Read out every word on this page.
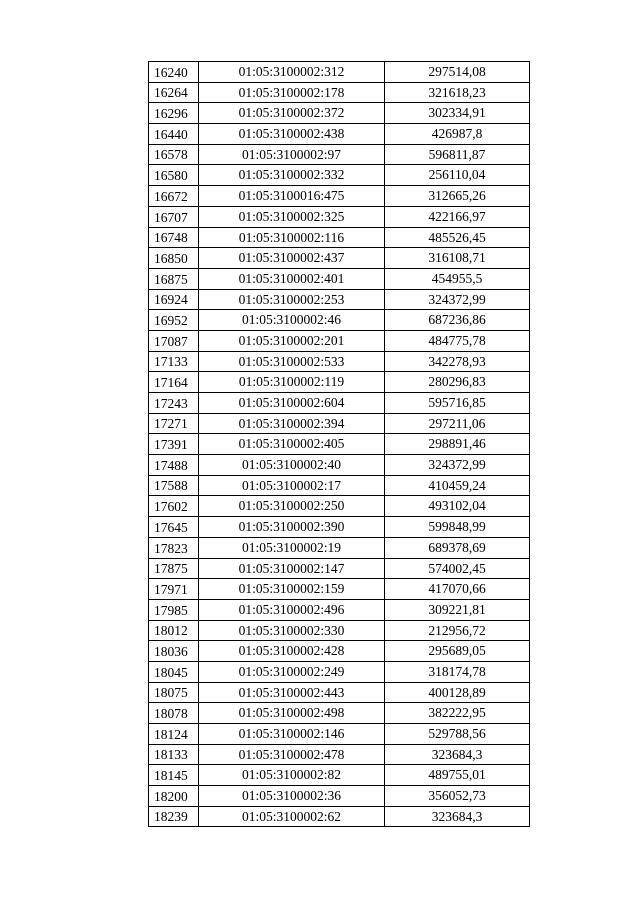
16240	01:05:3100002:312	297514,08
16264	01:05:3100002:178	321618,23
16296	01:05:3100002:372	302334,91
16440	01:05:3100002:438	426987,8
16578	01:05:3100002:97	596811,87
16580	01:05:3100002:332	256110,04
16672	01:05:3100016:475	312665,26
16707	01:05:3100002:325	422166,97
16748	01:05:3100002:116	485526,45
16850	01:05:3100002:437	316108,71
16875	01:05:3100002:401	454955,5
16924	01:05:3100002:253	324372,99
16952	01:05:3100002:46	687236,86
17087	01:05:3100002:201	484775,78
17133	01:05:3100002:533	342278,93
17164	01:05:3100002:119	280296,83
17243	01:05:3100002:604	595716,85
17271	01:05:3100002:394	297211,06
17391	01:05:3100002:405	298891,46
17488	01:05:3100002:40	324372,99
17588	01:05:3100002:17	410459,24
17602	01:05:3100002:250	493102,04
17645	01:05:3100002:390	599848,99
17823	01:05:3100002:19	689378,69
17875	01:05:3100002:147	574002,45
17971	01:05:3100002:159	417070,66
17985	01:05:3100002:496	309221,81
18012	01:05:3100002:330	212956,72
18036	01:05:3100002:428	295689,05
18045	01:05:3100002:249	318174,78
18075	01:05:3100002:443	400128,89
18078	01:05:3100002:498	382222,95
18124	01:05:3100002:146	529788,56
18133	01:05:3100002:478	323684,3
18145	01:05:3100002:82	489755,01
18200	01:05:3100002:36	356052,73
18239	01:05:3100002:62	323684,3
